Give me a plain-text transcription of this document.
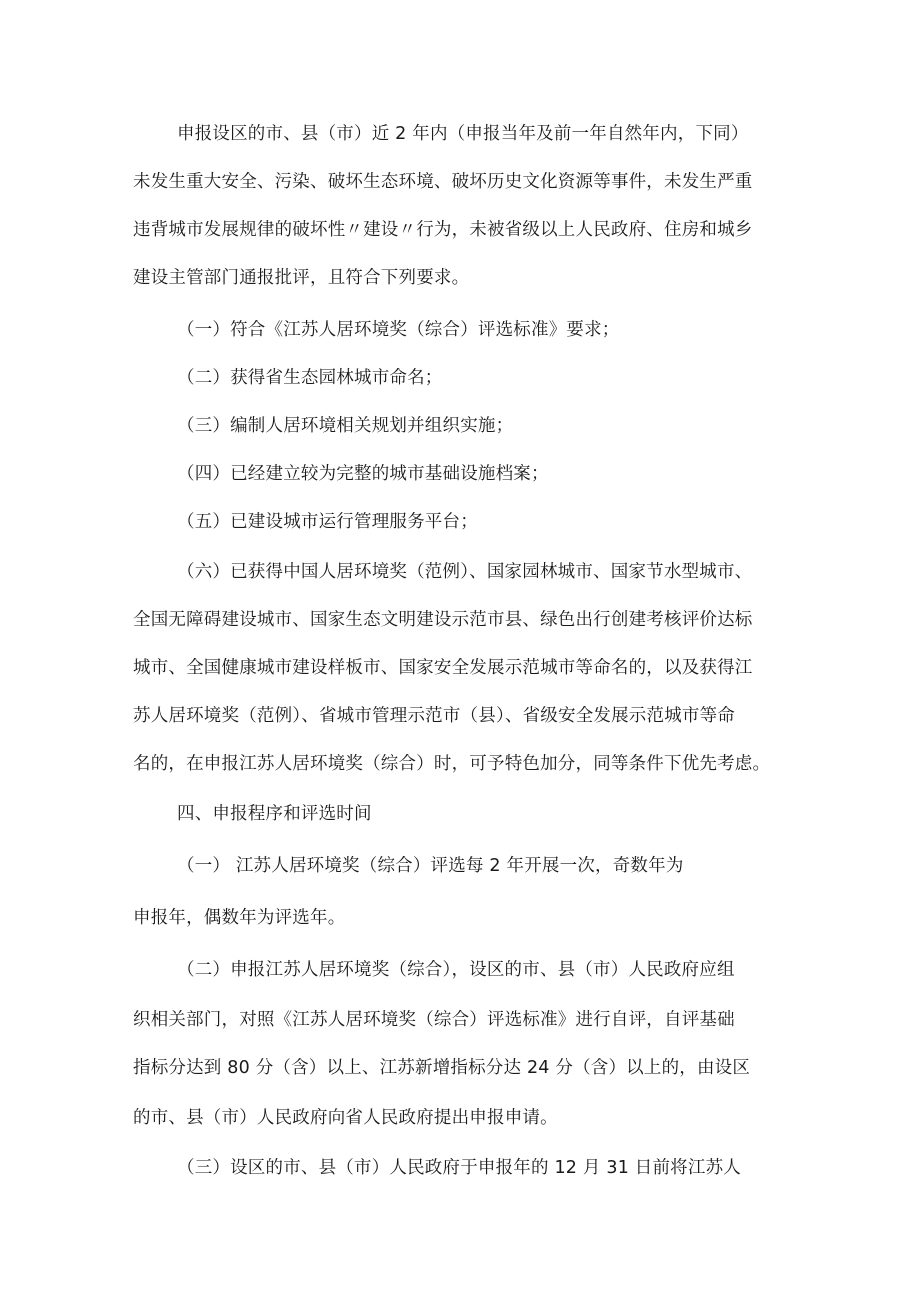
申报设区的市、县（市）近 2 年内（申报当年及前一年自然年内，下同）
未发生重大安全、污染、破坏生态环境、破坏历史文化资源等事件，未发生严重
违背城市发展规律的破坏性〃建设〃行为，未被省级以上人民政府、住房和城乡
建设主管部门通报批评，且符合下列要求。
（一）符合《江苏人居环境奖（综合）评选标准》要求；
（二）获得省生态园林城市命名；
（三）编制人居环境相关规划并组织实施；
（四）已经建立较为完整的城市基础设施档案；
（五）已建设城市运行管理服务平台；
（六）已获得中国人居环境奖（范例）、国家园林城市、国家节水型城市、
全国无障碍建设城市、国家生态文明建设示范市县、绿色出行创建考核评价达标
城市、全国健康城市建设样板市、国家安全发展示范城市等命名的，以及获得江
苏人居环境奖（范例）、省城市管理示范市（县）、省级安全发展示范城市等命
名的，在申报江苏人居环境奖（综合）时，可予特色加分，同等条件下优先考虑。
四、申报程序和评选时间
（一） 江苏人居环境奖（综合）评选每 2 年开展一次，奇数年为
申报年，偶数年为评选年。
（二）申报江苏人居环境奖（综合），设区的市、县（市）人民政府应组
织相关部门，对照《江苏人居环境奖（综合）评选标准》进行自评，自评基础
指标分达到 80 分（含）以上、江苏新增指标分达 24 分（含）以上的，由设区
的市、县（市）人民政府向省人民政府提出申报申请。
（三）设区的市、县（市）人民政府于申报年的 12 月 31 日前将江苏人
